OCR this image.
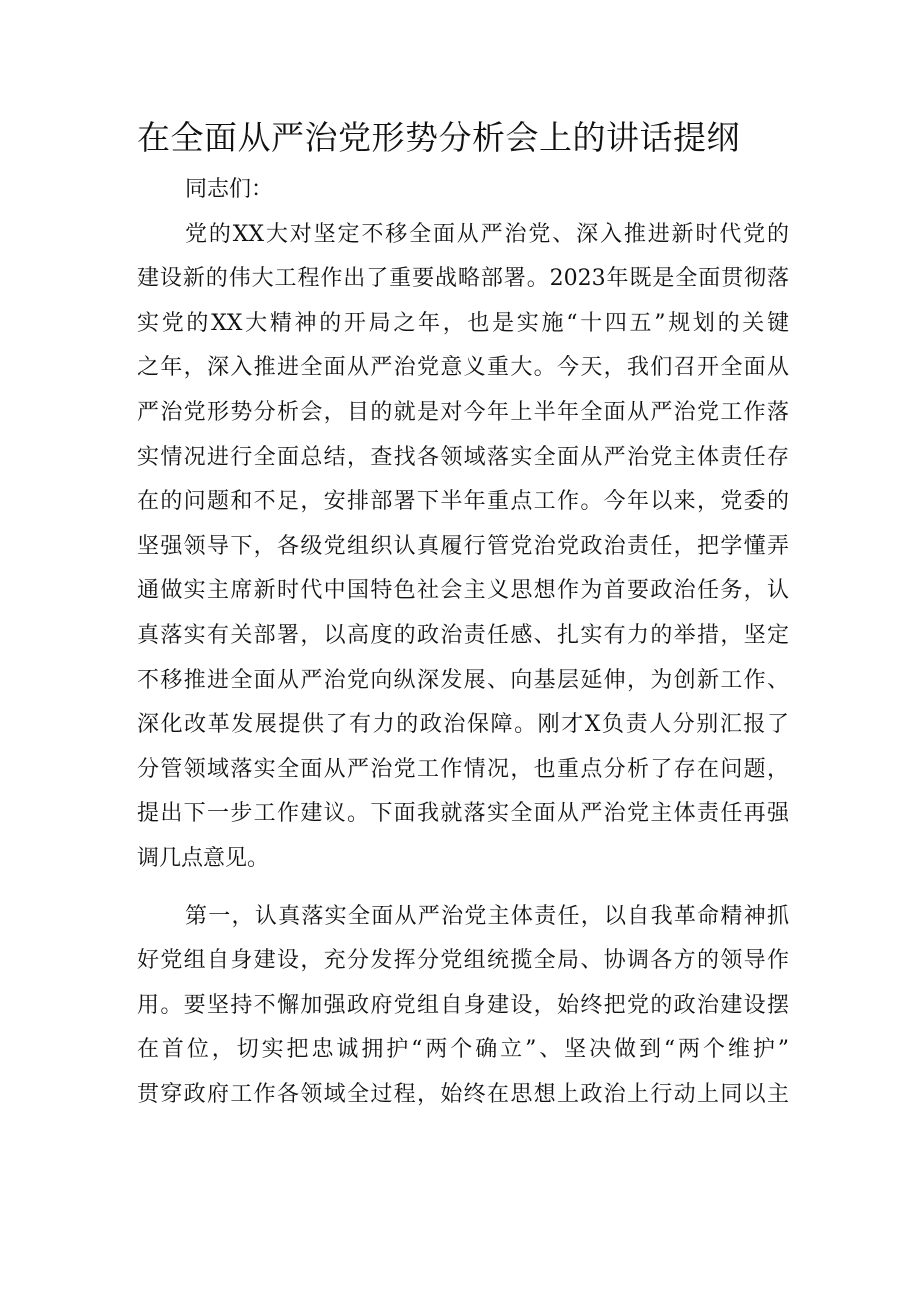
在全面从严治党形势分析会上的讲话提纲
同志们：
党的XX大对坚定不移全面从严治党、深入推进新时代党的
建设新的伟大工程作出了重要战略部署。2023年既是全面贯彻落
实党的XX大精神的开局之年，也是实施“十四五”规划的关键
之年，深入推进全面从严治党意义重大。今天，我们召开全面从
严治党形势分析会，目的就是对今年上半年全面从严治党工作落
实情况进行全面总结，查找各领域落实全面从严治党主体责任存
在的问题和不足，安排部署下半年重点工作。今年以来，党委的
坚强领导下，各级党组织认真履行管党治党政治责任，把学懂弄
通做实主席新时代中国特色社会主义思想作为首要政治任务，认
真落实有关部署，以高度的政治责任感、扎实有力的举措，坚定
不移推进全面从严治党向纵深发展、向基层延伸，为创新工作、
深化改革发展提供了有力的政治保障。刚才X负责人分别汇报了
分管领域落实全面从严治党工作情况，也重点分析了存在问题，
提出下一步工作建议。下面我就落实全面从严治党主体责任再强
调几点意见。
第一，认真落实全面从严治党主体责任，以自我革命精神抓
好党组自身建设，充分发挥分党组统揽全局、协调各方的领导作
用。要坚持不懈加强政府党组自身建设，始终把党的政治建设摆
在首位，切实把忠诚拥护“两个确立”、坚决做到“两个维护”
贯穿政府工作各领域全过程，始终在思想上政治上行动上同以主
